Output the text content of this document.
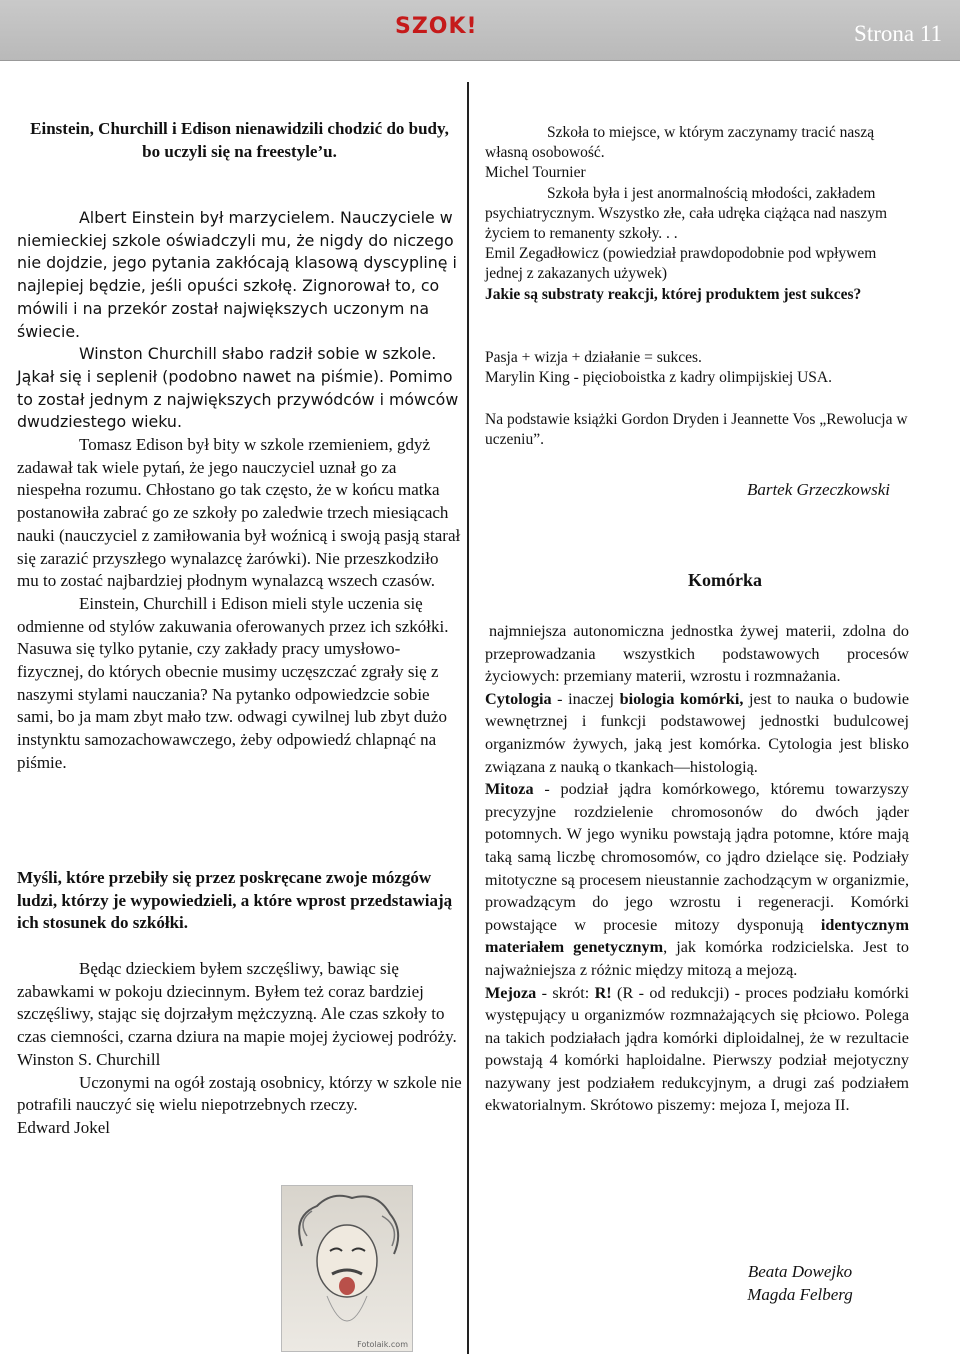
SZOK!	Strona 11

Einstein, Churchill i Edison nienawidzili chodzić do budy,

bo uczyli się na freestyle’u.

Albert Einstein był marzycielem. Nauczyciele w niemieckiej szkole oświadczyli mu, że nigdy do niczego nie dojdzie, jego pytania zakłócają klasową dyscyplinę i najlepiej będzie, jeśli opuści szkołę. Zignorował to, co mówili i na przekór został największych uczonym na świecie.

Winston Churchill słabo radził sobie w szkole. Jąkał się i seplenił (podobno nawet na piśmie). Pomimo to został jednym z największych przywódców i mówców dwudziestego wieku.

Tomasz Edison był bity w szkole rzemieniem, gdyż zadawał tak wiele pytań, że jego nauczyciel uznał go za niespełna rozumu. Chłostano go tak często, że w końcu matka postanowiła zabrać go ze szkoły po zaledwie trzech miesiącach nauki (nauczyciel z zamiłowania był woźnicą i swoją pasją starał się zarazić przyszłego wynalazcę żarówki). Nie przeszkodziło mu to zostać najbardziej płodnym wynalazcą wszech czasów.

Einstein, Churchill i Edison mieli style uczenia się odmienne od stylów zakuwania oferowanych przez ich szkółki. Nasuwa się tylko pytanie, czy zakłady pracy umysłowo-fizycznej, do których obecnie musimy uczęszczać zgrały się z naszymi stylami nauczania? Na pytanko odpowiedzcie sobie sami, bo ja mam zbyt mało tzw. odwagi cywilnej lub zbyt dużo instynktu samozachowawczego, żeby odpowiedź chlapnąć na piśmie.

Myśli, które przebiły się przez poskręcane zwoje mózgów ludzi, którzy je wypowiedzieli, a które wprost przedstawiają ich stosunek do szkółki.

Będąc dzieckiem byłem szczęśliwy, bawiąc się zabawkami w pokoju dziecinnym. Byłem też coraz bardziej szczęśliwy, stając się dojrzałym mężczyzną. Ale czas szkoły to czas ciemności, czarna dziura na mapie mojej życiowej podróży.

Winston S. Churchill

Uczonymi na ogół zostają osobnicy, którzy w szkole nie potrafili nauczyć się wielu niepotrzebnych rzeczy.

Edward Jokel

Fotolaik.com

Szkoła to miejsce, w którym zaczynamy tracić naszą własną osobowość.

Michel Tournier

Szkoła była i jest anormalnością młodości, zakładem psychiatrycznym. Wszystko złe, cała udręka ciążąca nad naszym życiem to remanenty szkoły. . .

Emil Zegadłowicz (powiedział prawdopodobnie pod wpływem jednej z zakazanych używek)

Jakie są substraty reakcji, której produktem jest sukces?

Pasja + wizja + działanie = sukces.

Marylin King - pięcioboistka z kadry olimpijskiej USA.

Na podstawie książki Gordon Dryden i Jeannette Vos „Rewolucja w uczeniu”.

Bartek Grzeczkowski

Komórka

najmniejsza autonomiczna jednostka żywej materii, zdolna do przeprowadzania wszystkich podstawowych procesów życiowych: przemiany materii, wzrostu i rozmnażania.

Cytologia - inaczej biologia komórki, jest to nauka o budowie wewnętrznej i funkcji podstawowej jednostki budulcowej organizmów żywych, jaką jest komórka. Cytologia jest blisko związana z nauką o tkankach—histologią.

Mitoza - podział jądra komórkowego, któremu towarzyszy precyzyjne rozdzielenie chromosonów do dwóch jąder potomnych. W jego wyniku powstają jądra potomne, które mają taką samą liczbę chromosomów, co jądro dzielące się. Podziały mitotyczne są procesem nieustannie zachodzącym w organizmie, prowadzącym do jego wzrostu i regeneracji. Komórki powstające w procesie mitozy dysponują identycznym materiałem genetycznym, jak komórka rodzicielska. Jest to najważniejsza z różnic między mitozą a mejozą.

Mejoza - skrót: R! (R - od redukcji) - proces podziału komórki występujący u organizmów rozmnażających się płciowo. Polega na takich podziałach jądra komórki diploidalnej, że w rezultacie powstają 4 komórki haploidalne. Pierwszy podział mejotyczny nazywany jest podziałem redukcyjnym, a drugi zaś podziałem ekwatorialnym. Skrótowo piszemy: mejoza I, mejoza II.

Beata Dowejko

Magda Felberg
